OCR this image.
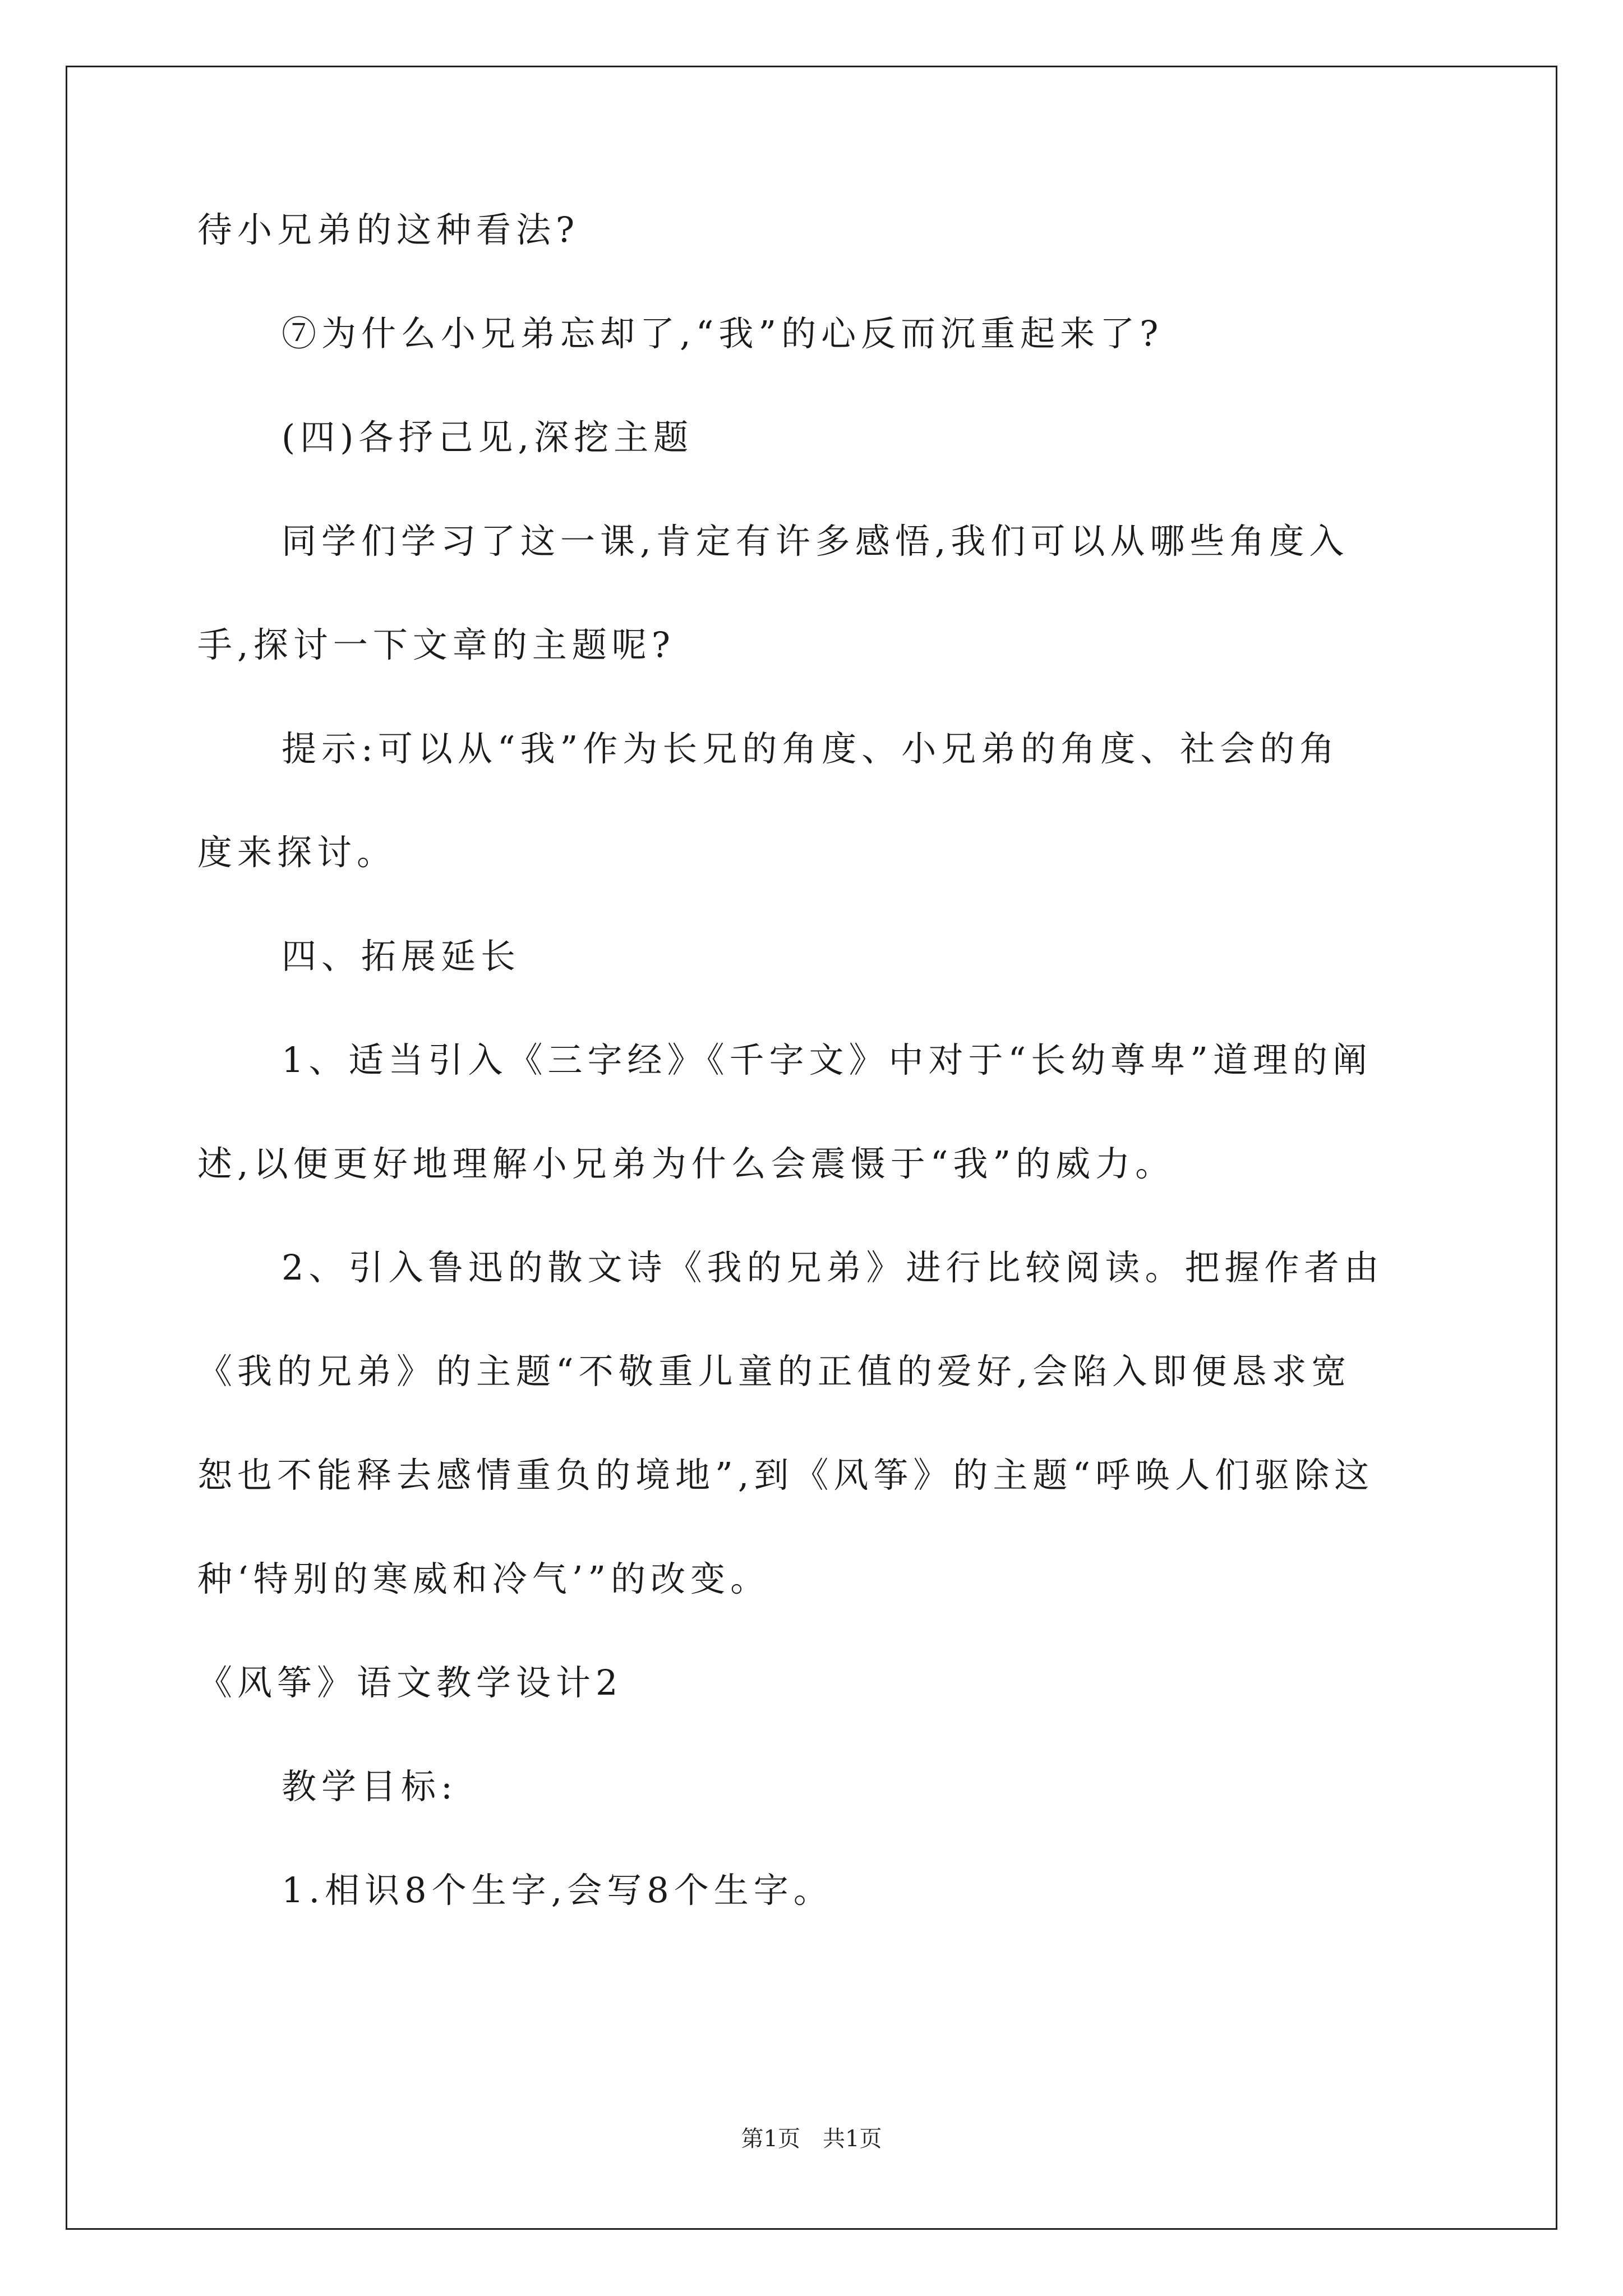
待小兄弟的这种看法?
⑦为什么小兄弟忘却了,“我”的心反而沉重起来了?
(四)各抒己见,深挖主题
同学们学习了这一课,肯定有许多感悟,我们可以从哪些角度入
手,探讨一下文章的主题呢?
提示:可以从“我”作为长兄的角度、小兄弟的角度、社会的角
度来探讨。
四、拓展延长
1、适当引入《三字经》《千字文》中对于“长幼尊卑”道理的阐
述,以便更好地理解小兄弟为什么会震慑于“我”的威力。
2、引入鲁迅的散文诗《我的兄弟》进行比较阅读。把握作者由
《我的兄弟》的主题“不敬重儿童的正值的爱好,会陷入即便恳求宽
恕也不能释去感情重负的境地”,到《风筝》的主题“呼唤人们驱除这
种‘特别的寒威和冷气’”的改变。
《风筝》语文教学设计2
教学目标:
1.相识8个生字,会写8个生字。
第1页　共1页
